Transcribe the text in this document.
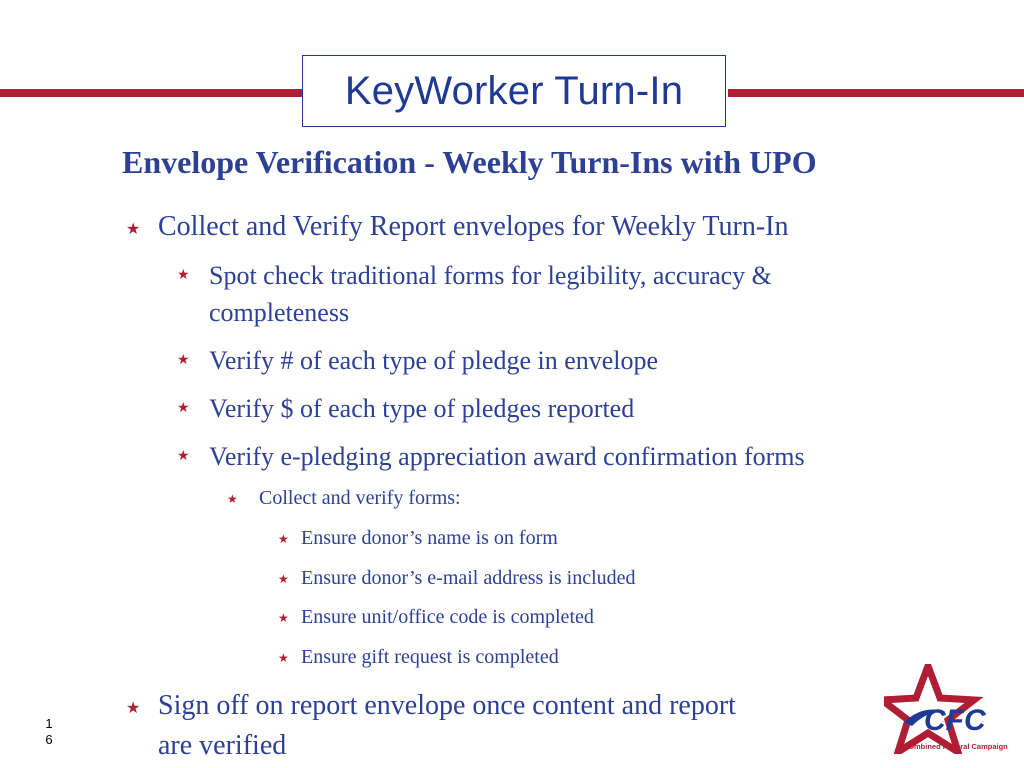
KeyWorker Turn-In
Envelope Verification - Weekly Turn-Ins with UPO
★ Collect and Verify Report envelopes for Weekly Turn-In
★ Spot check traditional forms for legibility, accuracy &
completeness
★ Verify # of each type of pledge in envelope
★ Verify $ of each type of pledges reported
★ Verify e-pledging appreciation award confirmation forms
★ Collect and verify forms:
★ Ensure donor’s name is on form
★ Ensure donor’s e-mail address is included
★ Ensure unit/office code is completed
★ Ensure gift request is completed
★ Sign off on report envelope once content and report
are verified
1
6
CFC
Combined Federal Campaign
